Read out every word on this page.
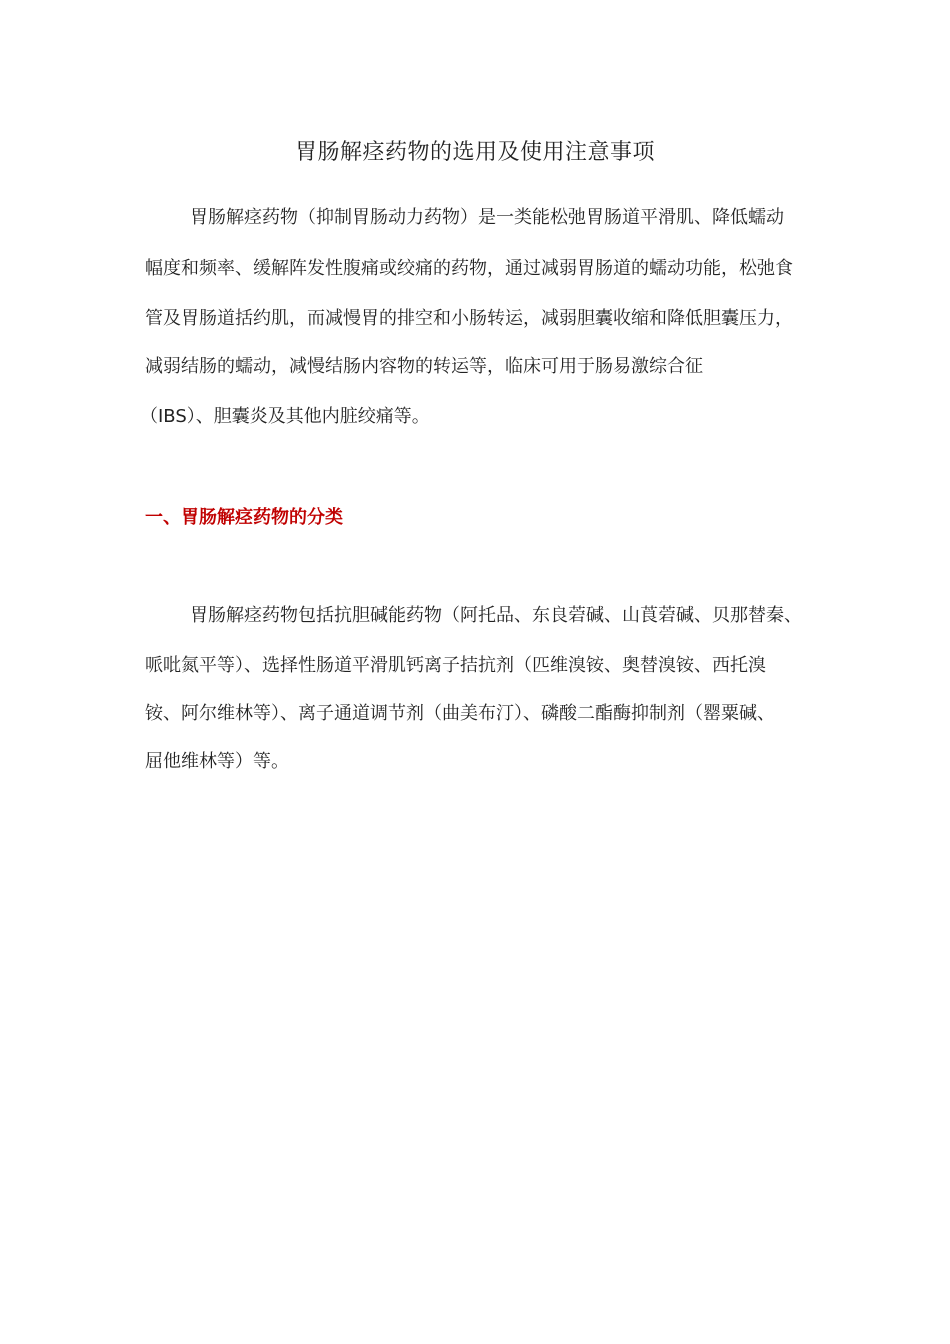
胃肠解痉药物的选用及使用注意事项

胃肠解痉药物（抑制胃肠动力药物）是一类能松弛胃肠道平滑肌、降低蠕动

幅度和频率、缓解阵发性腹痛或绞痛的药物，通过减弱胃肠道的蠕动功能，松弛食

管及胃肠道括约肌，而减慢胃的排空和小肠转运，减弱胆囊收缩和降低胆囊压力，

减弱结肠的蠕动，减慢结肠内容物的转运等，临床可用于肠易激综合征

（IBS）、胆囊炎及其他内脏绞痛等。

一、胃肠解痉药物的分类

胃肠解痉药物包括抗胆碱能药物（阿托品、东良菪碱、山莨菪碱、贝那替秦、

哌吡氮平等）、选择性肠道平滑肌钙离子拮抗剂（匹维溴铵、奥替溴铵、西托溴

铵、阿尔维林等）、离子通道调节剂（曲美布汀）、磷酸二酯酶抑制剂（罂粟碱、

屈他维林等）等。
